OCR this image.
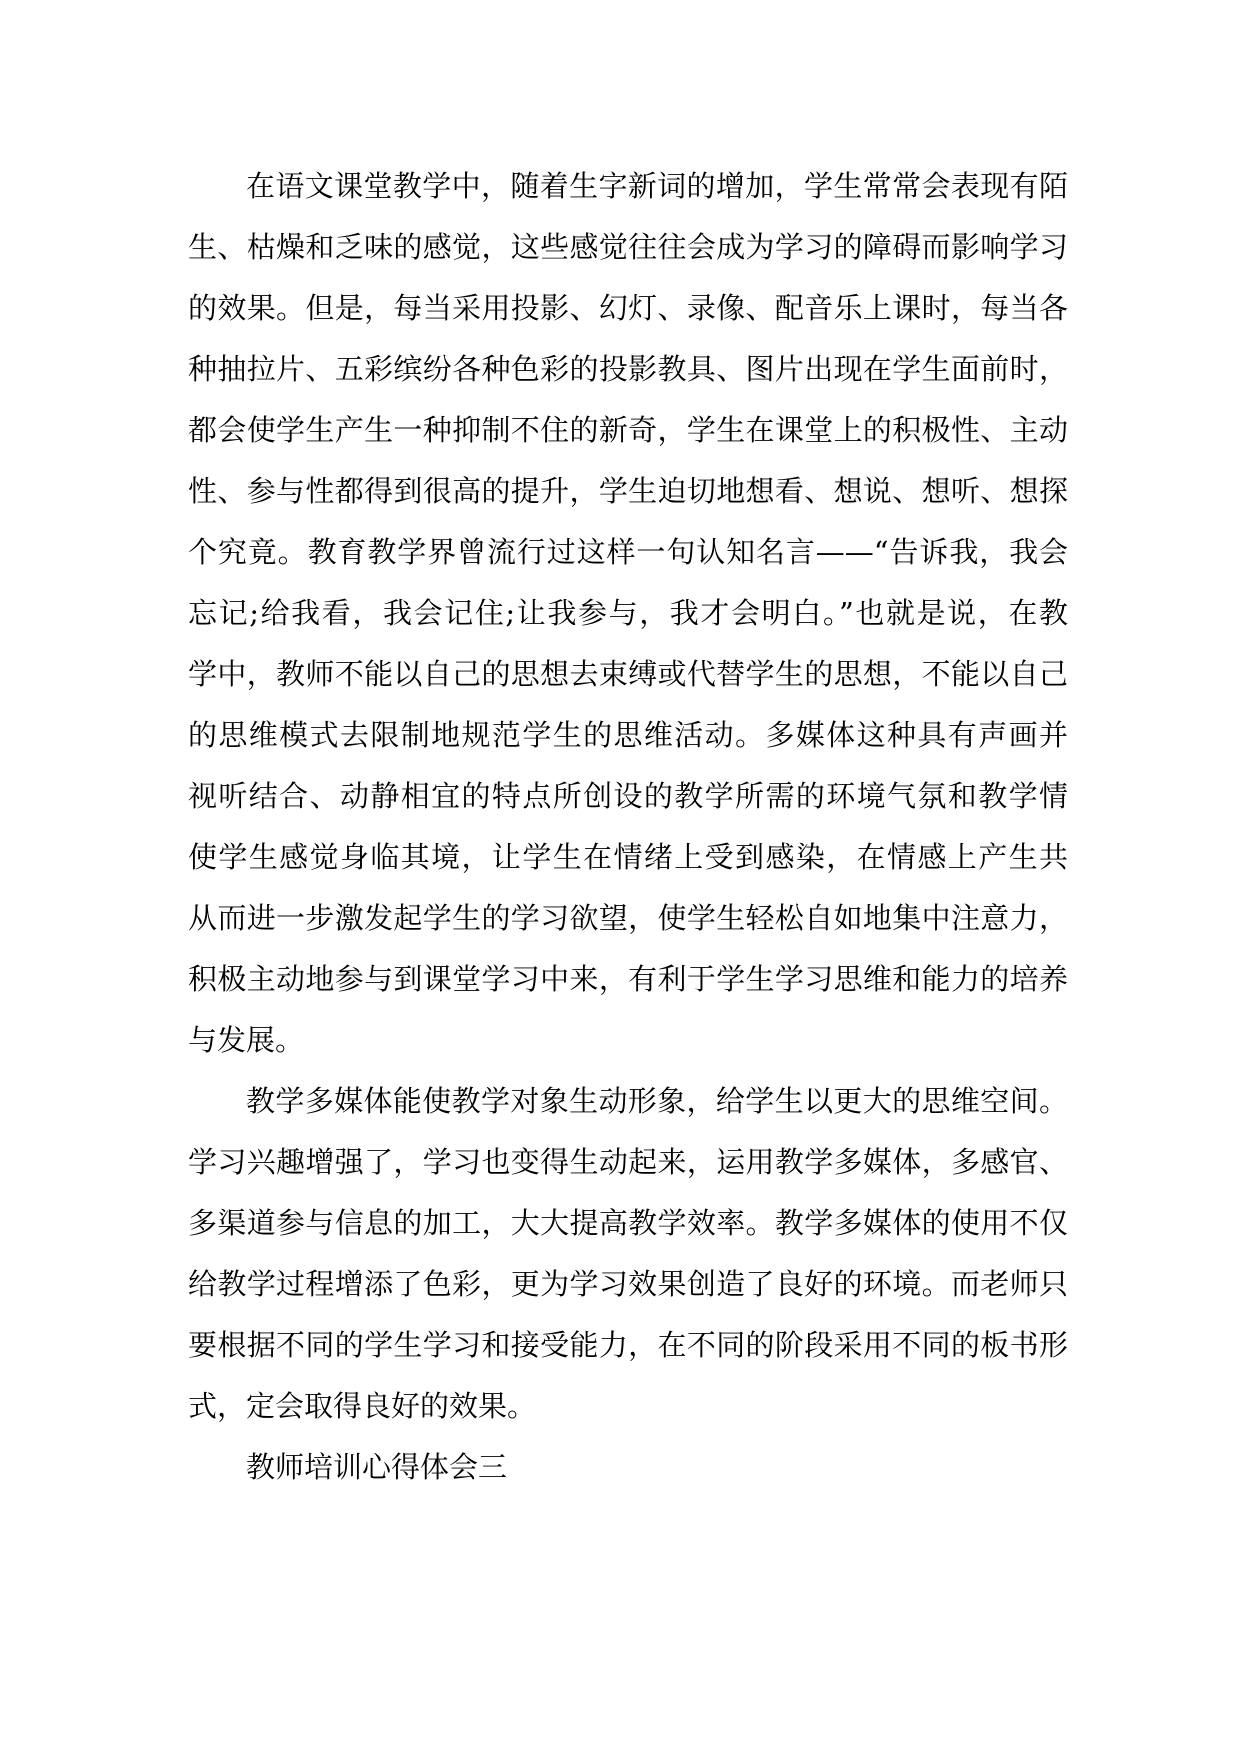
在语文课堂教学中，随着生字新词的增加，学生常常会表现有陌
生、枯燥和乏味的感觉，这些感觉往往会成为学习的障碍而影响学习
的效果。但是，每当采用投影、幻灯、录像、配音乐上课时，每当各
种抽拉片、五彩缤纷各种色彩的投影教具、图片出现在学生面前时，
都会使学生产生一种抑制不住的新奇，学生在课堂上的积极性、主动
性、参与性都得到很高的提升，学生迫切地想看、想说、想听、想探
个究竟。教育教学界曾流行过这样一句认知名言——“告诉我，我会
忘记;给我看，我会记住;让我参与，我才会明白。”也就是说，在教
学中，教师不能以自己的思想去束缚或代替学生的思想，不能以自己
的思维模式去限制地规范学生的思维活动。多媒体这种具有声画并
视听结合、动静相宜的特点所创设的教学所需的环境气氛和教学情
使学生感觉身临其境，让学生在情绪上受到感染，在情感上产生共
从而进一步激发起学生的学习欲望，使学生轻松自如地集中注意力，
积极主动地参与到课堂学习中来，有利于学生学习思维和能力的培养
与发展。
教学多媒体能使教学对象生动形象，给学生以更大的思维空间。
学习兴趣增强了，学习也变得生动起来，运用教学多媒体，多感官、
多渠道参与信息的加工，大大提高教学效率。教学多媒体的使用不仅
给教学过程增添了色彩，更为学习效果创造了良好的环境。而老师只
要根据不同的学生学习和接受能力，在不同的阶段采用不同的板书形
式，定会取得良好的效果。
教师培训心得体会三
